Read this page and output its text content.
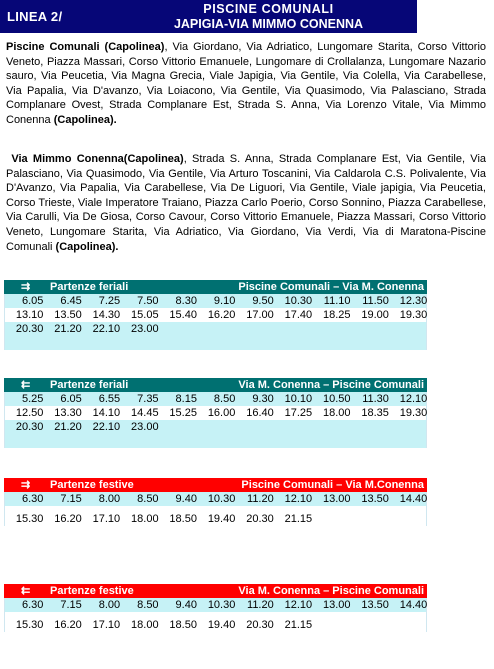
LINEA 2/	PISCINE COMUNALI
JAPIGIA-VIA MIMMO CONENNA

Piscine Comunali (Capolinea), Via Giordano, Via Adriatico, Lungomare Starita, Corso Vittorio Veneto, Piazza Massari, Corso Vittorio Emanuele, Lungomare di Crollalanza, Lungomare Nazario sauro, Via Peucetia, Via Magna Grecia, Viale Japigia, Via Gentile, Via Colella, Via Carabellese, Via Papalia, Via D'avanzo, Via Loiacono, Via Gentile, Via Quasimodo, Via Palasciano, Strada Complanare Ovest, Strada Complanare Est, Strada S. Anna, Via Lorenzo Vitale, Via Mimmo Conenna (Capolinea).

Via Mimmo Conenna(Capolinea), Strada S. Anna, Strada Complanare Est, Via Gentile, Via Palasciano, Via Quasimodo, Via Gentile, Via Arturo Toscanini, Via Caldarola C.S. Polivalente, Via D'Avanzo, Via Papalia, Via Carabellese, Via De Liguori, Via Gentile, Viale japigia, Via Peucetia, Corso Trieste, Viale Imperatore Traiano, Piazza Carlo Poerio, Corso Sonnino, Piazza Carabellese, Via Carulli, Via De Giosa, Corso Cavour, Corso Vittorio Emanuele, Piazza Massari, Corso Vittorio Veneto, Lungomare Starita, Via Adriatico, Via Giordano, Via Verdi, Via di Maratona-Piscine Comunali (Capolinea).

⇉ Partenze feriali	Piscine Comunali – Via M. Conenna
6.05	6.45	7.25	7.50	8.30	9.10	9.50 10.30	11.10	11.50 12.30
13.10 13.50 14.30 15.05 15.40 16.20 17.00 17.40 18.25 19.00 19.30
20.30 21.20 22.10 23.00
⇇ Partenze feriali	Via M. Conenna – Piscine Comunali
5.25	6.05	6.55	7.35	8.15	8.50	9.30 10.10 10.50	11.30 12.10
12.50 13.30 14.10 14.45 15.25 16.00 16.40 17.25 18.00 18.35 19.30
20.30 21.20 22.10 23.00
⇉ Partenze festive	Piscine Comunali – Via M.Conenna
6.30	7.15	8.00	8.50	9.40 10.30	11.20 12.10 13.00 13.50 14.40
15.30 16.20 17.10 18.00 18.50 19.40 20.30 21.15
⇇ Partenze festive	Via M. Conenna – Piscine Comunali
6.30	7.15	8.00	8.50	9.40 10.30	11.20 12.10 13.00 13.50 14.40
15.30 16.20 17.10 18.00 18.50 19.40 20.30 21.15
